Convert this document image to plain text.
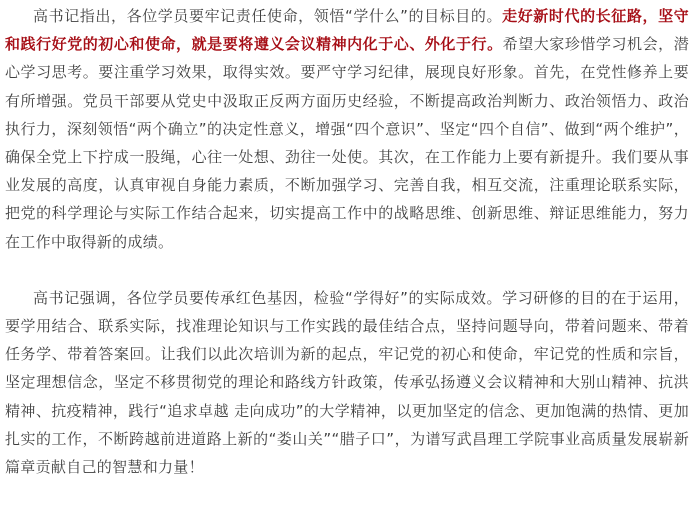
高书记指出，各位学员要牢记责任使命，领悟“学什么”的目标目的。走好新时代的长征路，坚守和践行好党的初心和使命，就是要将遵义会议精神内化于心、外化于行。希望大家珍惜学习机会，潜心学习思考。要注重学习效果，取得实效。要严守学习纪律，展现良好形象。首先，在党性修养上要有所增强。党员干部要从党史中汲取正反两方面历史经验，不断提高政治判断力、政治领悟力、政治执行力，深刻领悟“两个确立”的决定性意义，增强“四个意识”、坚定“四个自信”、做到“两个维护”，确保全党上下拧成一股绳，心往一处想、劲往一处使。其次，在工作能力上要有新提升。我们要从事业发展的高度，认真审视自身能力素质，不断加强学习、完善自我，相互交流，注重理论联系实际，把党的科学理论与实际工作结合起来，切实提高工作中的战略思维、创新思维、辩证思维能力，努力在工作中取得新的成绩。

高书记强调，各位学员要传承红色基因，检验“学得好”的实际成效。学习研修的目的在于运用，要学用结合、联系实际，找准理论知识与工作实践的最佳结合点，坚持问题导向，带着问题来、带着任务学、带着答案回。让我们以此次培训为新的起点，牢记党的初心和使命，牢记党的性质和宗旨，坚定理想信念，坚定不移贯彻党的理论和路线方针政策，传承弘扬遵义会议精神和大别山精神、抗洪精神、抗疫精神，践行“追求卓越 走向成功”的大学精神，以更加坚定的信念、更加饱满的热情、更加扎实的工作，不断跨越前进道路上新的“娄山关”“腊子口”，为谱写武昌理工学院事业高质量发展崭新篇章贡献自己的智慧和力量！
